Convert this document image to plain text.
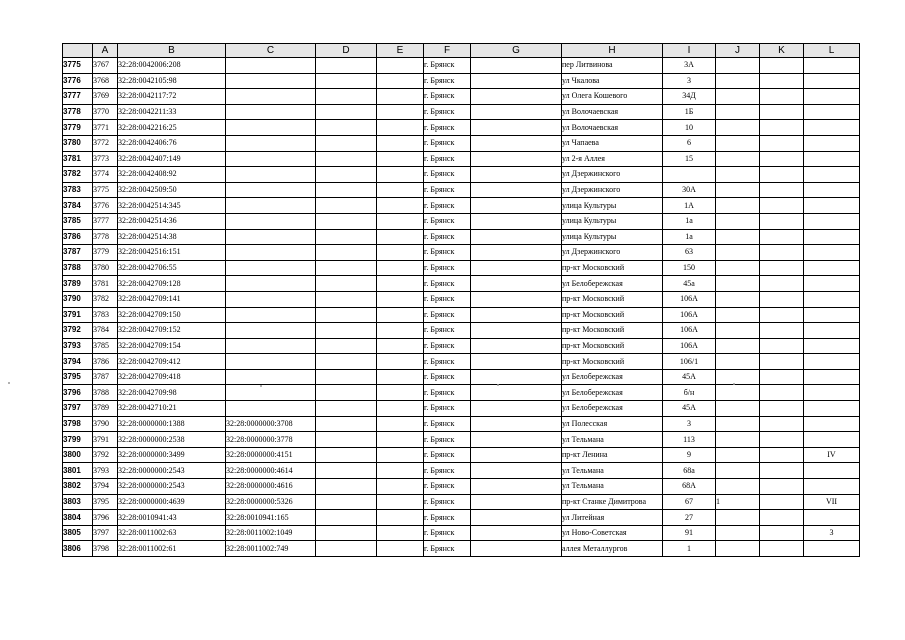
	A	B	C	D	E	F	G	H	I	J	K	L
3775	3767	32:28:0042006:208				г. Брянск		пер Литвинова	3А			
3776	3768	32:28:0042105:98				г. Брянск		ул Чкалова	3			
3777	3769	32:28:0042117:72				г. Брянск		ул Олега Кошевого	34Д			
3778	3770	32:28:0042211:33				г. Брянск		ул Волочаевская	1Б			
3779	3771	32:28:0042216:25				г. Брянск		ул Волочаевская	10			
3780	3772	32:28:0042406:76				г. Брянск		ул Чапаева	6			
3781	3773	32:28:0042407:149				г. Брянск		ул 2-я Аллея	15			
3782	3774	32:28:0042408:92				г. Брянск		ул Дзержинского				
3783	3775	32:28:0042509:50				г. Брянск		ул Дзержинского	30А			
3784	3776	32:28:0042514:345				г. Брянск		улица Культуры	1А			
3785	3777	32:28:0042514:36				г. Брянск		улица Культуры	1а			
3786	3778	32:28:0042514:38				г. Брянск		улица Культуры	1а			
3787	3779	32:28:0042516:151				г. Брянск		ул Дзержинского	63			
3788	3780	32:28:0042706:55				г. Брянск		пр-кт Московский	150			
3789	3781	32:28:0042709:128				г. Брянск		ул Белобережская	45а			
3790	3782	32:28:0042709:141				г. Брянск		пр-кт Московский	106А			
3791	3783	32:28:0042709:150				г. Брянск		пр-кт Московский	106А			
3792	3784	32:28:0042709:152				г. Брянск		пр-кт Московский	106А			
3793	3785	32:28:0042709:154				г. Брянск		пр-кт Московский	106А			
3794	3786	32:28:0042709:412				г. Брянск		пр-кт Московский	106/1			
3795	3787	32:28:0042709:418				г. Брянск		ул Белобережская	45А			
3796	3788	32:28:0042709:98				г. Брянск		ул Белобережская	б/н			
3797	3789	32:28:0042710:21				г. Брянск		ул Белобережская	45А			
3798	3790	32:28:0000000:1388	32:28:0000000:3708			г. Брянск		ул Полесская	3			
3799	3791	32:28:0000000:2538	32:28:0000000:3778			г. Брянск		ул Тельмана	113			
3800	3792	32:28:0000000:3499	32:28:0000000:4151			г. Брянск		пр-кт Ленина	9			IV
3801	3793	32:28:0000000:2543	32:28:0000000:4614			г. Брянск		ул Тельмана	68а			
3802	3794	32:28:0000000:2543	32:28:0000000:4616			г. Брянск		ул Тельмана	68А			
3803	3795	32:28:0000000:4639	32:28:0000000:5326			г. Брянск		пр-кт Станке Димитрова	67	1		VII
3804	3796	32:28:0010941:43	32:28:0010941:165			г. Брянск		ул Литейная	27			
3805	3797	32:28:0011002:63	32:28:0011002:1049			г. Брянск		ул Ново-Советская	91			3
3806	3798	32:28:0011002:61	32:28:0011002:749			г. Брянск		аллея Металлургов	1			
